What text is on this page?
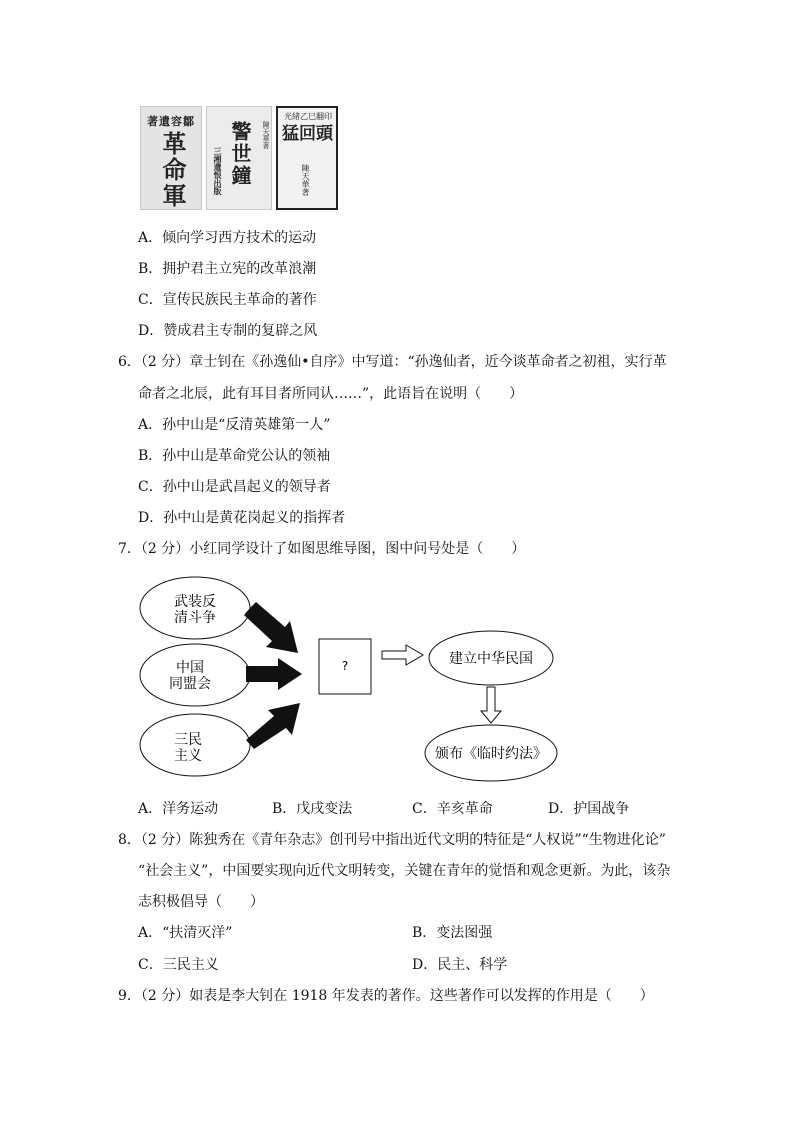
著遺容鄒
革命軍 警世鐘
三湘遺恨出版
陳天華著
光緒乙巳翻印
猛回頭
陳天華著
A．倾向学习西方技术的运动
B．拥护君主立宪的改革浪潮
C．宣传民族民主革命的著作
D．赞成君主专制的复辟之风
6．（2 分）章士钊在《孙逸仙•自序》中写道：“孙逸仙者，近今谈革命者之初祖，实行革
命者之北辰，此有耳目者所同认……”，此语旨在说明（　　）
A．孙中山是“反清英雄第一人”
B．孙中山是革命党公认的领袖
C．孙中山是武昌起义的领导者
D．孙中山是黄花岗起义的指挥者
7．（2 分）小红同学设计了如图思维导图，图中问号处是（　　）
武装反
清斗争
中国
同盟会
三民
主义
?	建立中华民国
颁布《临时约法》
A．洋务运动	B．戊戌变法	C．辛亥革命	D．护国战争
8．（2 分）陈独秀在《青年杂志》创刊号中指出近代文明的特征是“人权说”“生物进化论”
“社会主义”，中国要实现向近代文明转变，关键在青年的觉悟和观念更新。为此，该杂
志积极倡导（　　）
A．“扶清灭洋”	B．变法图强
C．三民主义	D．民主、科学
9．（2 分）如表是李大钊在 1918 年发表的著作。这些著作可以发挥的作用是（　　）
